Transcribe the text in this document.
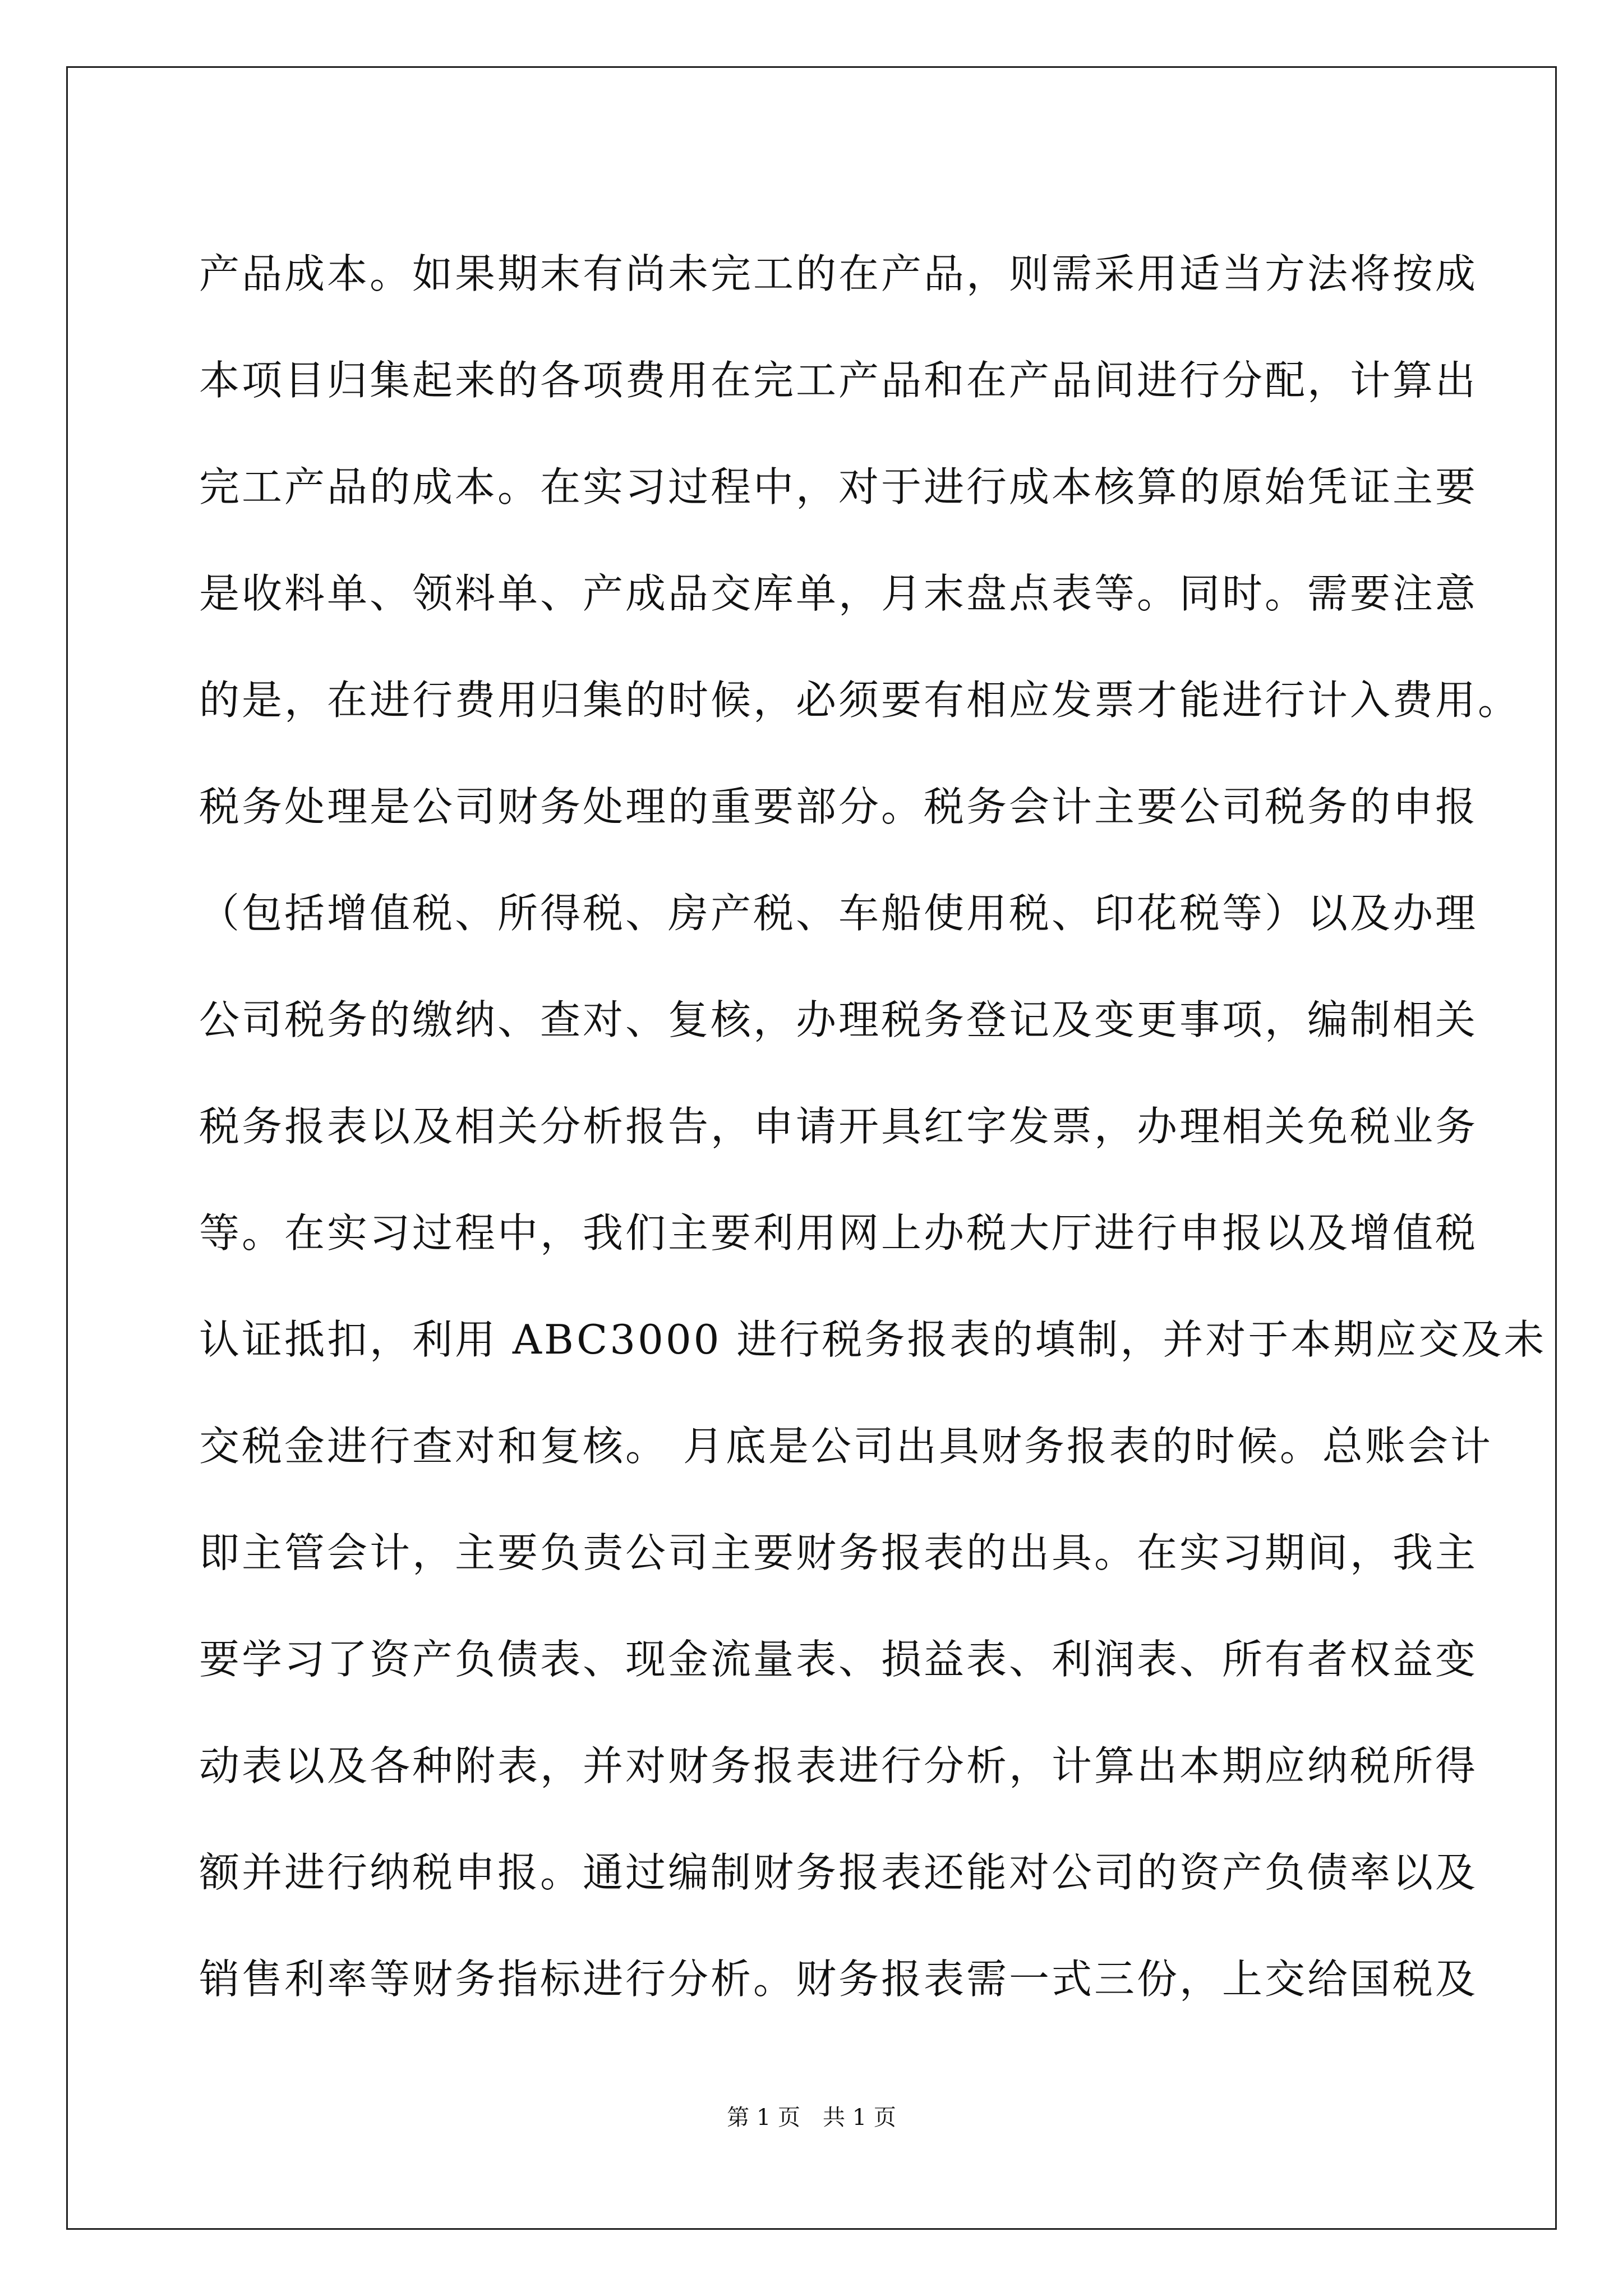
产品成本。如果期末有尚未完工的在产品，则需采用适当方法将按成
本项目归集起来的各项费用在完工产品和在产品间进行分配，计算出
完工产品的成本。在实习过程中，对于进行成本核算的原始凭证主要
是收料单、领料单、产成品交库单，月末盘点表等。同时。需要注意
的是，在进行费用归集的时候，必须要有相应发票才能进行计入费用。
税务处理是公司财务处理的重要部分。税务会计主要公司税务的申报
（包括增值税、所得税、房产税、车船使用税、印花税等）以及办理
公司税务的缴纳、查对、复核，办理税务登记及变更事项，编制相关
税务报表以及相关分析报告，申请开具红字发票，办理相关免税业务
等。在实习过程中，我们主要利用网上办税大厅进行申报以及增值税
认证抵扣，利用 ABC3000 进行税务报表的填制，并对于本期应交及未
交税金进行查对和复核。 月底是公司出具财务报表的时候。总账会计
即主管会计，主要负责公司主要财务报表的出具。在实习期间，我主
要学习了资产负债表、现金流量表、损益表、利润表、所有者权益变
动表以及各种附表，并对财务报表进行分析，计算出本期应纳税所得
额并进行纳税申报。通过编制财务报表还能对公司的资产负债率以及
销售利率等财务指标进行分析。财务报表需一式三份，上交给国税及
第 1 页　共 1 页
